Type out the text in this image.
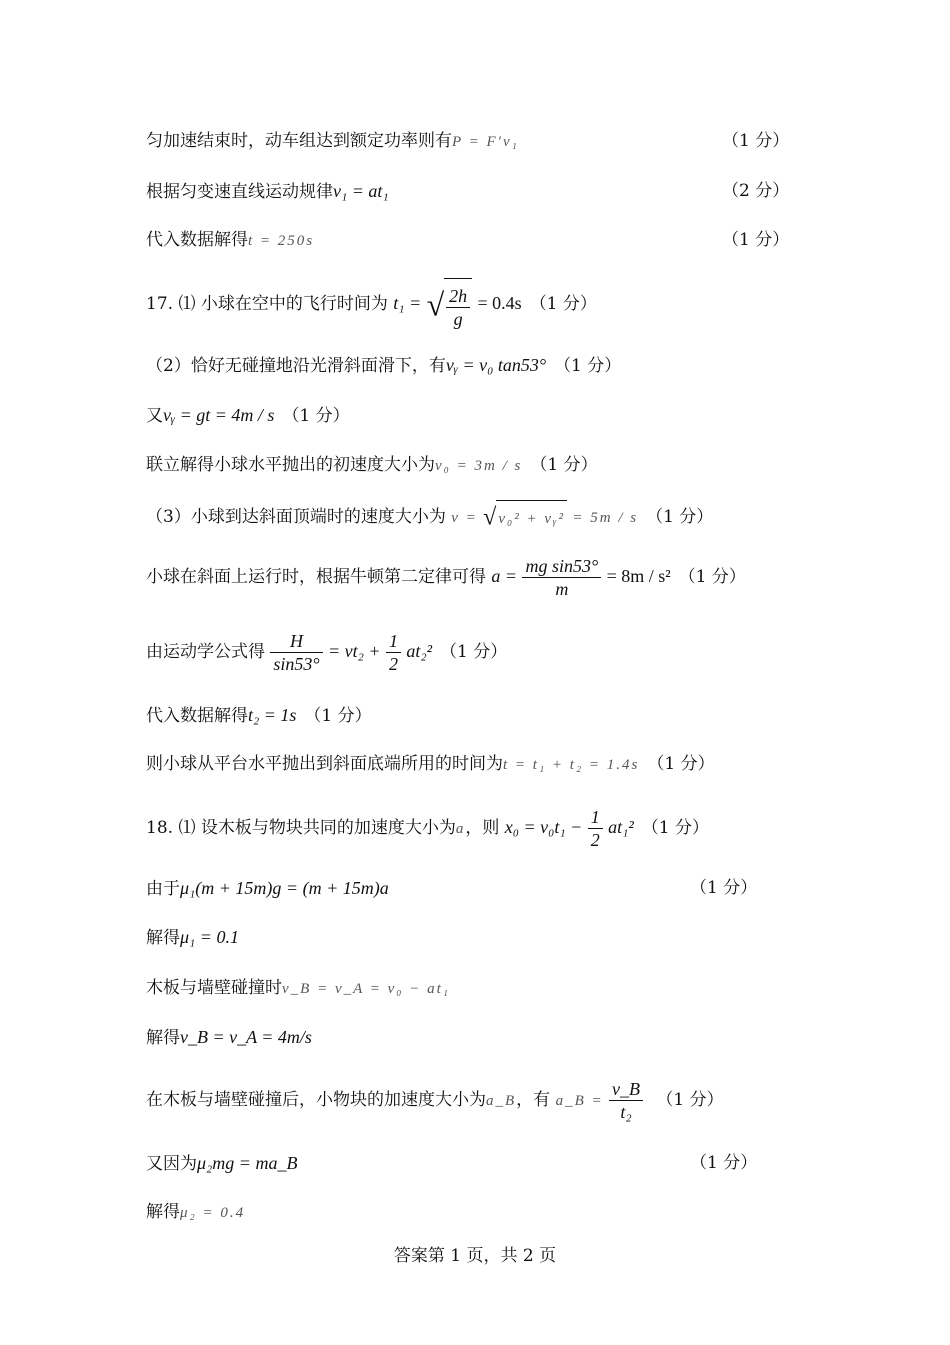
匀加速结束时，动车组达到额定功率则有P = F′v₁	（1 分）
根据匀变速直线运动规律v₁ = at₁	（2 分）
代入数据解得t = 250s	（1 分）
17. ⑴ 小球在空中的飞行时间为 t₁ = √ $\frac{2h}{g} = 0.4s$ （1 分）
（2）恰好无碰撞地沿光滑斜面滑下，有vᵧ = v₀ tan53° （1 分）
又vᵧ = gt = 4m / s （1 分）
联立解得小球水平抛出的初速度大小为v₀ = 3m / s （1 分）
（3）小球到达斜面顶端时的速度大小为 v = √ v₀² + vᵧ² = 5m / s （1 分）
小球在斜面上运行时，根据牛顿第二定律可得 $a = \frac{\text{mg sin53°}}{m} = 8m / s^2$ （1 分）
由运动学公式得 $\frac{H}{\sin 53^\circ} = vt_2 + \frac{1}{2} at_2^2$ （1 分）
代入数据解得t₂ = 1s （1 分）
则小球从平台水平抛出到斜面底端所用的时间为t = t₁ + t₂ = 1.4s （1 分）
18. ⑴ 设木板与物块共同的加速度大小为a，则 $x_0 = v_0t_1 - \frac{1}{2} at_1^2$ （1 分）
由于μ₁(m + 15m)g = (m + 15m)a	（1 分）
解得μ₁ = 0.1
木板与墙壁碰撞时v_B = v_A = v₀ − at₁
解得v_B = v_A = 4m/s
在木板与墙壁碰撞后，小物块的加速度大小为a_B，有 a_B = $\frac{v\_B}{\text{t₂}} (1$ 分）
又因为μ₂mg = ma_B	（1 分）
解得μ₂ = 0.4
答案第 1 页，共 2 页
